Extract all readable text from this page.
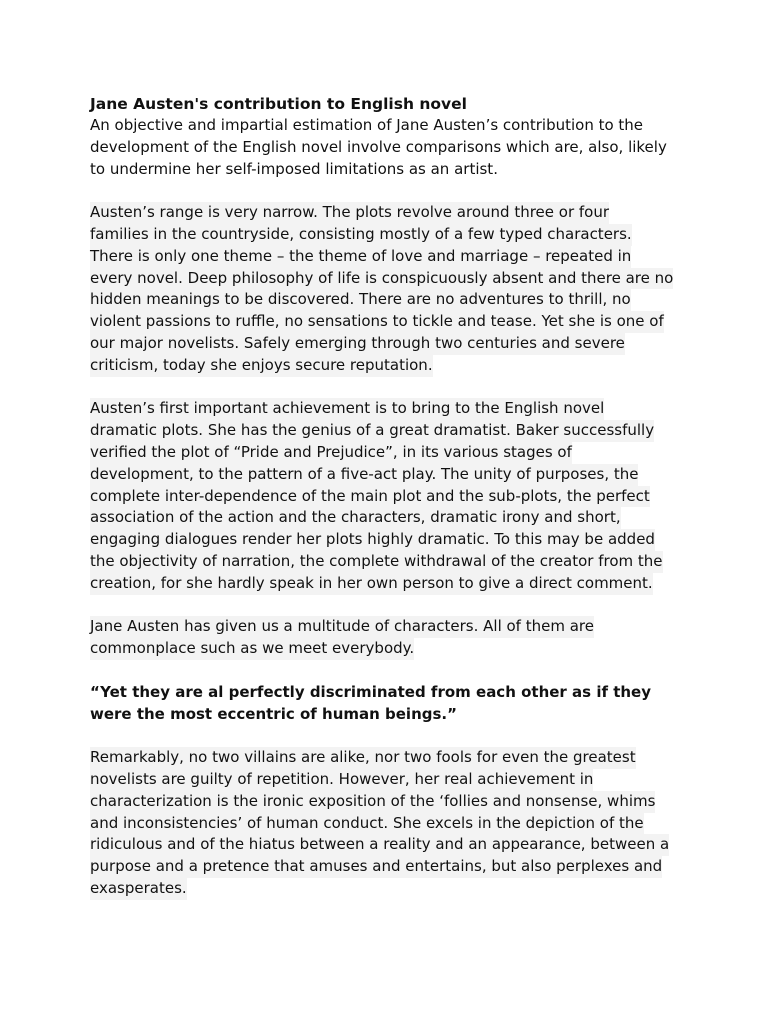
Jane Austen's contribution to English novel
An objective and impartial estimation of Jane Austen’s contribution to the
development of the English novel involve comparisons which are, also, likely
to undermine her self-imposed limitations as an artist.
Austen’s range is very narrow. The plots revolve around three or four
families in the countryside, consisting mostly of a few typed characters.
There is only one theme – the theme of love and marriage – repeated in
every novel. Deep philosophy of life is conspicuously absent and there are no
hidden meanings to be discovered. There are no adventures to thrill, no
violent passions to ruffle, no sensations to tickle and tease. Yet she is one of
our major novelists. Safely emerging through two centuries and severe
criticism, today she enjoys secure reputation.
Austen’s first important achievement is to bring to the English novel
dramatic plots. She has the genius of a great dramatist. Baker successfully
verified the plot of “Pride and Prejudice”, in its various stages of
development, to the pattern of a five-act play. The unity of purposes, the
complete inter-dependence of the main plot and the sub-plots, the perfect
association of the action and the characters, dramatic irony and short,
engaging dialogues render her plots highly dramatic. To this may be added
the objectivity of narration, the complete withdrawal of the creator from the
creation, for she hardly speak in her own person to give a direct comment.
Jane Austen has given us a multitude of characters. All of them are
commonplace such as we meet everybody.
“Yet they are al perfectly discriminated from each other as if they
were the most eccentric of human beings.”
Remarkably, no two villains are alike, nor two fools for even the greatest
novelists are guilty of repetition. However, her real achievement in
characterization is the ironic exposition of the ‘follies and nonsense, whims
and inconsistencies’ of human conduct. She excels in the depiction of the
ridiculous and of the hiatus between a reality and an appearance, between a
purpose and a pretence that amuses and entertains, but also perplexes and
exasperates.
